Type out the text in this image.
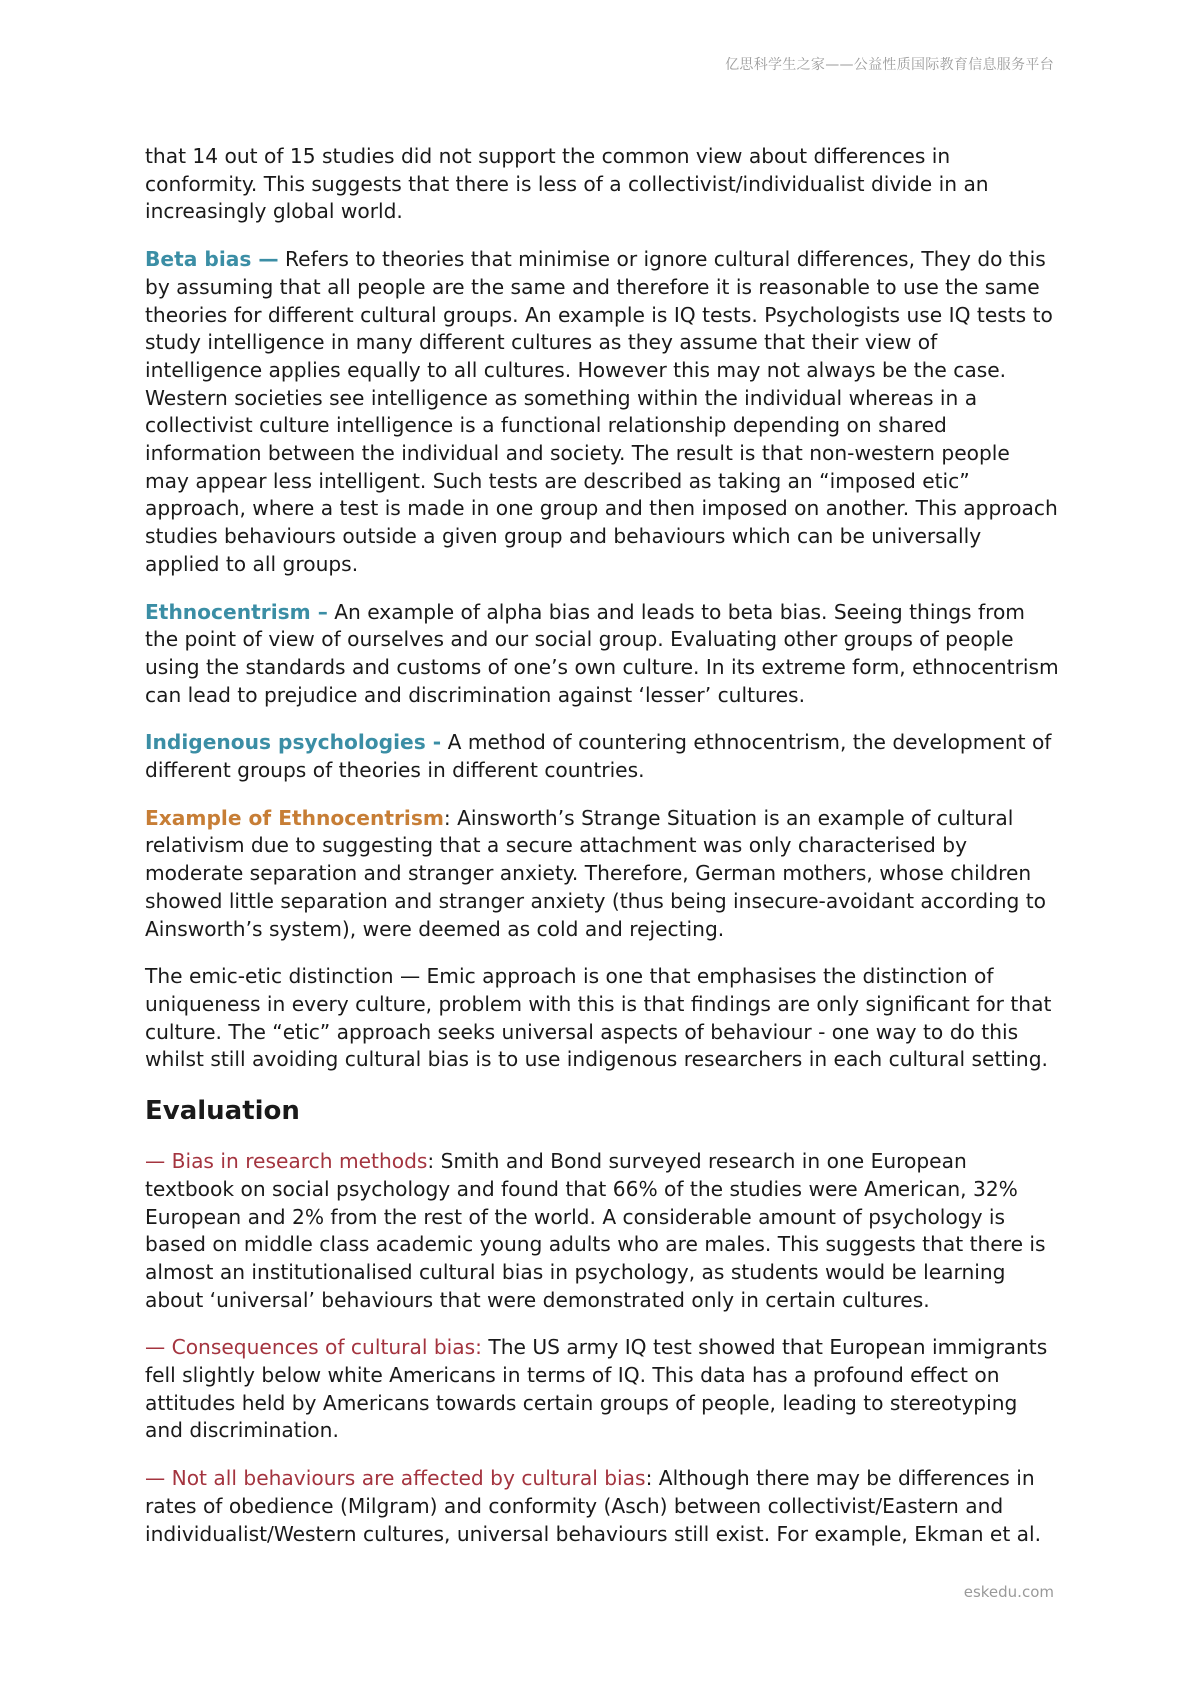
亿思科学生之家——公益性质国际教育信息服务平台

that 14 out of 15 studies did not support the common view about differences in conformity. This suggests that there is less of a collectivist/individualist divide in an increasingly global world.

Beta bias — Refers to theories that minimise or ignore cultural differences, They do this by assuming that all people are the same and therefore it is reasonable to use the same theories for different cultural groups. An example is IQ tests. Psychologists use IQ tests to study intelligence in many different cultures as they assume that their view of intelligence applies equally to all cultures. However this may not always be the case. Western societies see intelligence as something within the individual whereas in a collectivist culture intelligence is a functional relationship depending on shared information between the individual and society. The result is that non-western people may appear less intelligent. Such tests are described as taking an “imposed etic” approach, where a test is made in one group and then imposed on another. This approach studies behaviours outside a given group and behaviours which can be universally applied to all groups.

Ethnocentrism – An example of alpha bias and leads to beta bias. Seeing things from the point of view of ourselves and our social group. Evaluating other groups of people using the standards and customs of one’s own culture. In its extreme form, ethnocentrism can lead to prejudice and discrimination against ‘lesser’ cultures.

Indigenous psychologies - A method of countering ethnocentrism, the development of different groups of theories in different countries.

Example of Ethnocentrism: Ainsworth’s Strange Situation is an example of cultural relativism due to suggesting that a secure attachment was only characterised by moderate separation and stranger anxiety. Therefore, German mothers, whose children showed little separation and stranger anxiety (thus being insecure-avoidant according to Ainsworth’s system), were deemed as cold and rejecting.

The emic-etic distinction — Emic approach is one that emphasises the distinction of uniqueness in every culture, problem with this is that findings are only significant for that culture. The “etic” approach seeks universal aspects of behaviour - one way to do this whilst still avoiding cultural bias is to use indigenous researchers in each cultural setting.

Evaluation

— Bias in research methods: Smith and Bond surveyed research in one European textbook on social psychology and found that 66% of the studies were American, 32% European and 2% from the rest of the world. A considerable amount of psychology is based on middle class academic young adults who are males. This suggests that there is almost an institutionalised cultural bias in psychology, as students would be learning about ‘universal’ behaviours that were demonstrated only in certain cultures.

— Consequences of cultural bias: The US army IQ test showed that European immigrants fell slightly below white Americans in terms of IQ. This data has a profound effect on attitudes held by Americans towards certain groups of people, leading to stereotyping and discrimination.

— Not all behaviours are affected by cultural bias: Although there may be differences in rates of obedience (Milgram) and conformity (Asch) between collectivist/Eastern and individualist/Western cultures, universal behaviours still exist. For example, Ekman et al.

eskedu.com
